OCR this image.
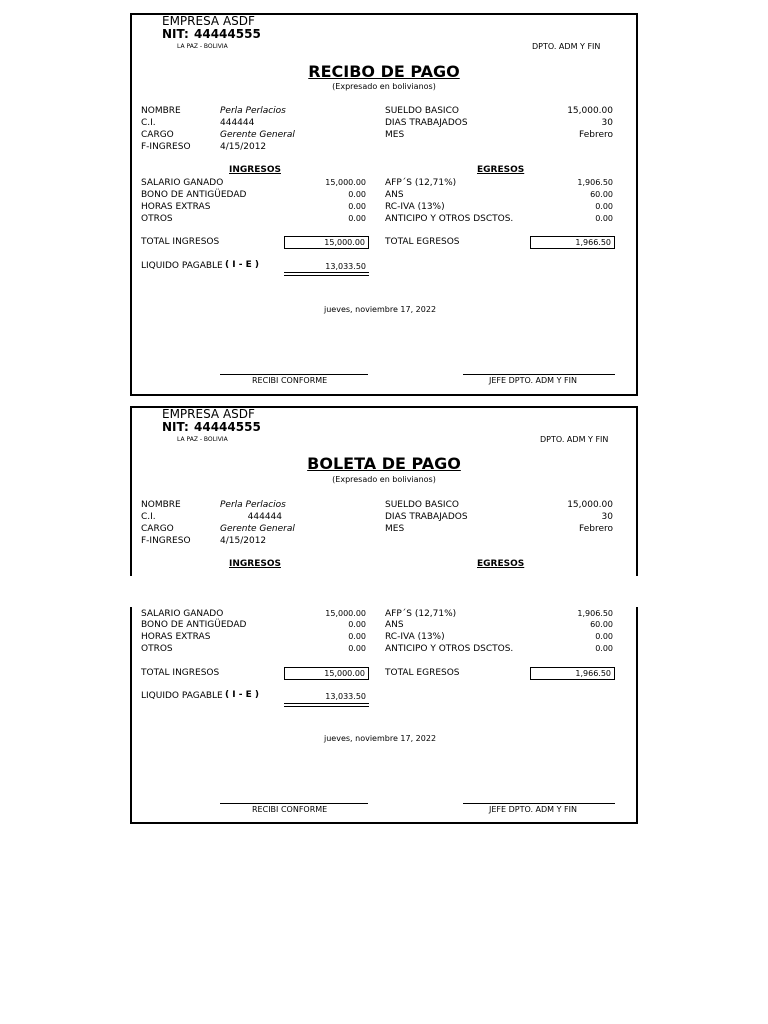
EMPRESA ASDF
NIT: 44444555
LA PAZ - BOLIVIA	DPTO. ADM Y FIN
RECIBO DE PAGO
(Expresado en bolivianos)
NOMBRE	Perla Perlacios
C.I.	444444
CARGO	Gerente General
F-INGRESO	4/15/2012
SUELDO BASICO	15,000.00
DIAS TRABAJADOS	30
MES	Febrero
INGRESOS	EGRESOS
SALARIO GANADO	15,000.00
BONO DE ANTIGÜEDAD	0.00
HORAS EXTRAS	0.00
OTROS	0.00
AFP´S (12,71%)	1,906.50
ANS	60.00
RC-IVA (13%)	0.00
ANTICIPO Y OTROS DSCTOS.	0.00
TOTAL INGRESOS	15,000.00	TOTAL EGRESOS	1,966.50
LIQUIDO PAGABLE ( I - E )	13,033.50
jueves, noviembre 17, 2022
RECIBI CONFORME	JEFE DPTO. ADM Y FIN
EMPRESA ASDF
NIT: 44444555
LA PAZ - BOLIVIA	DPTO. ADM Y FIN
BOLETA DE PAGO
(Expresado en bolivianos)
NOMBRE	Perla Perlacios
C.I.	444444
CARGO	Gerente General
F-INGRESO	4/15/2012
SUELDO BASICO	15,000.00
DIAS TRABAJADOS	30
MES	Febrero
INGRESOS	EGRESOS
SALARIO GANADO	15,000.00
BONO DE ANTIGÜEDAD	0.00
HORAS EXTRAS	0.00
OTROS	0.00
AFP´S (12,71%)	1,906.50
ANS	60.00
RC-IVA (13%)	0.00
ANTICIPO Y OTROS DSCTOS.	0.00
TOTAL INGRESOS	15,000.00	TOTAL EGRESOS	1,966.50
LIQUIDO PAGABLE ( I - E )	13,033.50
jueves, noviembre 17, 2022
RECIBI CONFORME	JEFE DPTO. ADM Y FIN
